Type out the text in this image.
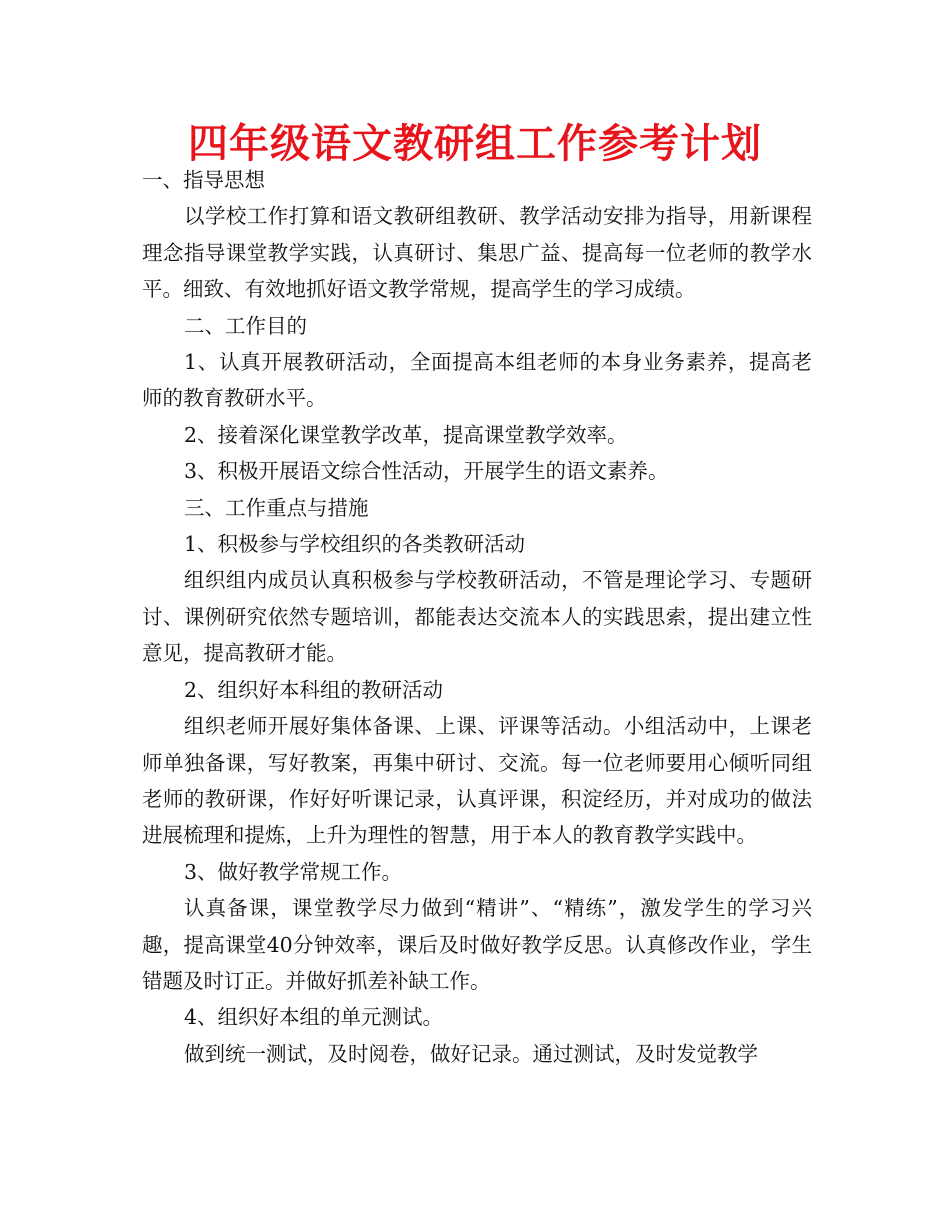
四年级语文教研组工作参考计划

一、指导思想

以学校工作打算和语文教研组教研、教学活动安排为指导，用新课程理念指导课堂教学实践，认真研讨、集思广益、提高每一位老师的教学水平。细致、有效地抓好语文教学常规，提高学生的学习成绩。

二、工作目的

1、认真开展教研活动，全面提高本组老师的本身业务素养，提高老师的教育教研水平。

2、接着深化课堂教学改革，提高课堂教学效率。

3、积极开展语文综合性活动，开展学生的语文素养。

三、工作重点与措施

1、积极参与学校组织的各类教研活动

组织组内成员认真积极参与学校教研活动，不管是理论学习、专题研讨、课例研究依然专题培训，都能表达交流本人的实践思索，提出建立性意见，提高教研才能。

2、组织好本科组的教研活动

组织老师开展好集体备课、上课、评课等活动。小组活动中，上课老师单独备课，写好教案，再集中研讨、交流。每一位老师要用心倾听同组老师的教研课，作好好听课记录，认真评课，积淀经历，并对成功的做法进展梳理和提炼，上升为理性的智慧，用于本人的教育教学实践中。

3、做好教学常规工作。

认真备课，课堂教学尽力做到“精讲”、“精练”，激发学生的学习兴趣，提高课堂40分钟效率，课后及时做好教学反思。认真修改作业，学生错题及时订正。并做好抓差补缺工作。

4、组织好本组的单元测试。

做到统一测试，及时阅卷，做好记录。通过测试，及时发觉教学
